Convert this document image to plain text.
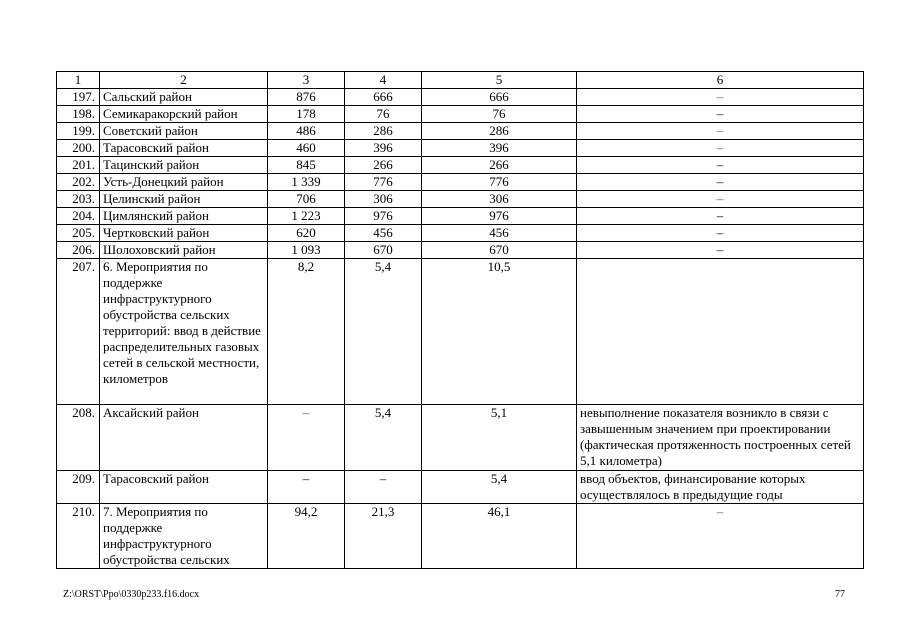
1	2	3	4	5	6
197.	Сальский район	876	666	666	–
198.	Семикаракорский район	178	76	76	–
199.	Советский район	486	286	286	–
200.	Тарасовский район	460	396	396	–
201.	Тацинский район	845	266	266	–
202.	Усть-Донецкий район	1 339	776	776	–
203.	Целинский район	706	306	306	–
204.	Цимлянский район	1 223	976	976	–
205.	Чертковский район	620	456	456	–
206.	Шолоховский район	1 093	670	670	–
207.	6. Мероприятия по поддержке инфраструктурного обустройства сельских территорий: ввод в действие распределительных газовых сетей в сельской местности, километров	8,2	5,4	10,5	
208.	Аксайский район	–	5,4	5,1	невыполнение показателя возникло в связи с завышенным значением при проектировании (фактическая протяженность построенных сетей 5,1 километра)
209.	Тарасовский район	–	–	5,4	ввод объектов, финансирование которых осуществлялось в предыдущие годы
210.	7. Мероприятия по поддержке инфраструктурного обустройства сельских	94,2	21,3	46,1	–
Z:\ORST\Ppo\0330p233.f16.docx	77
